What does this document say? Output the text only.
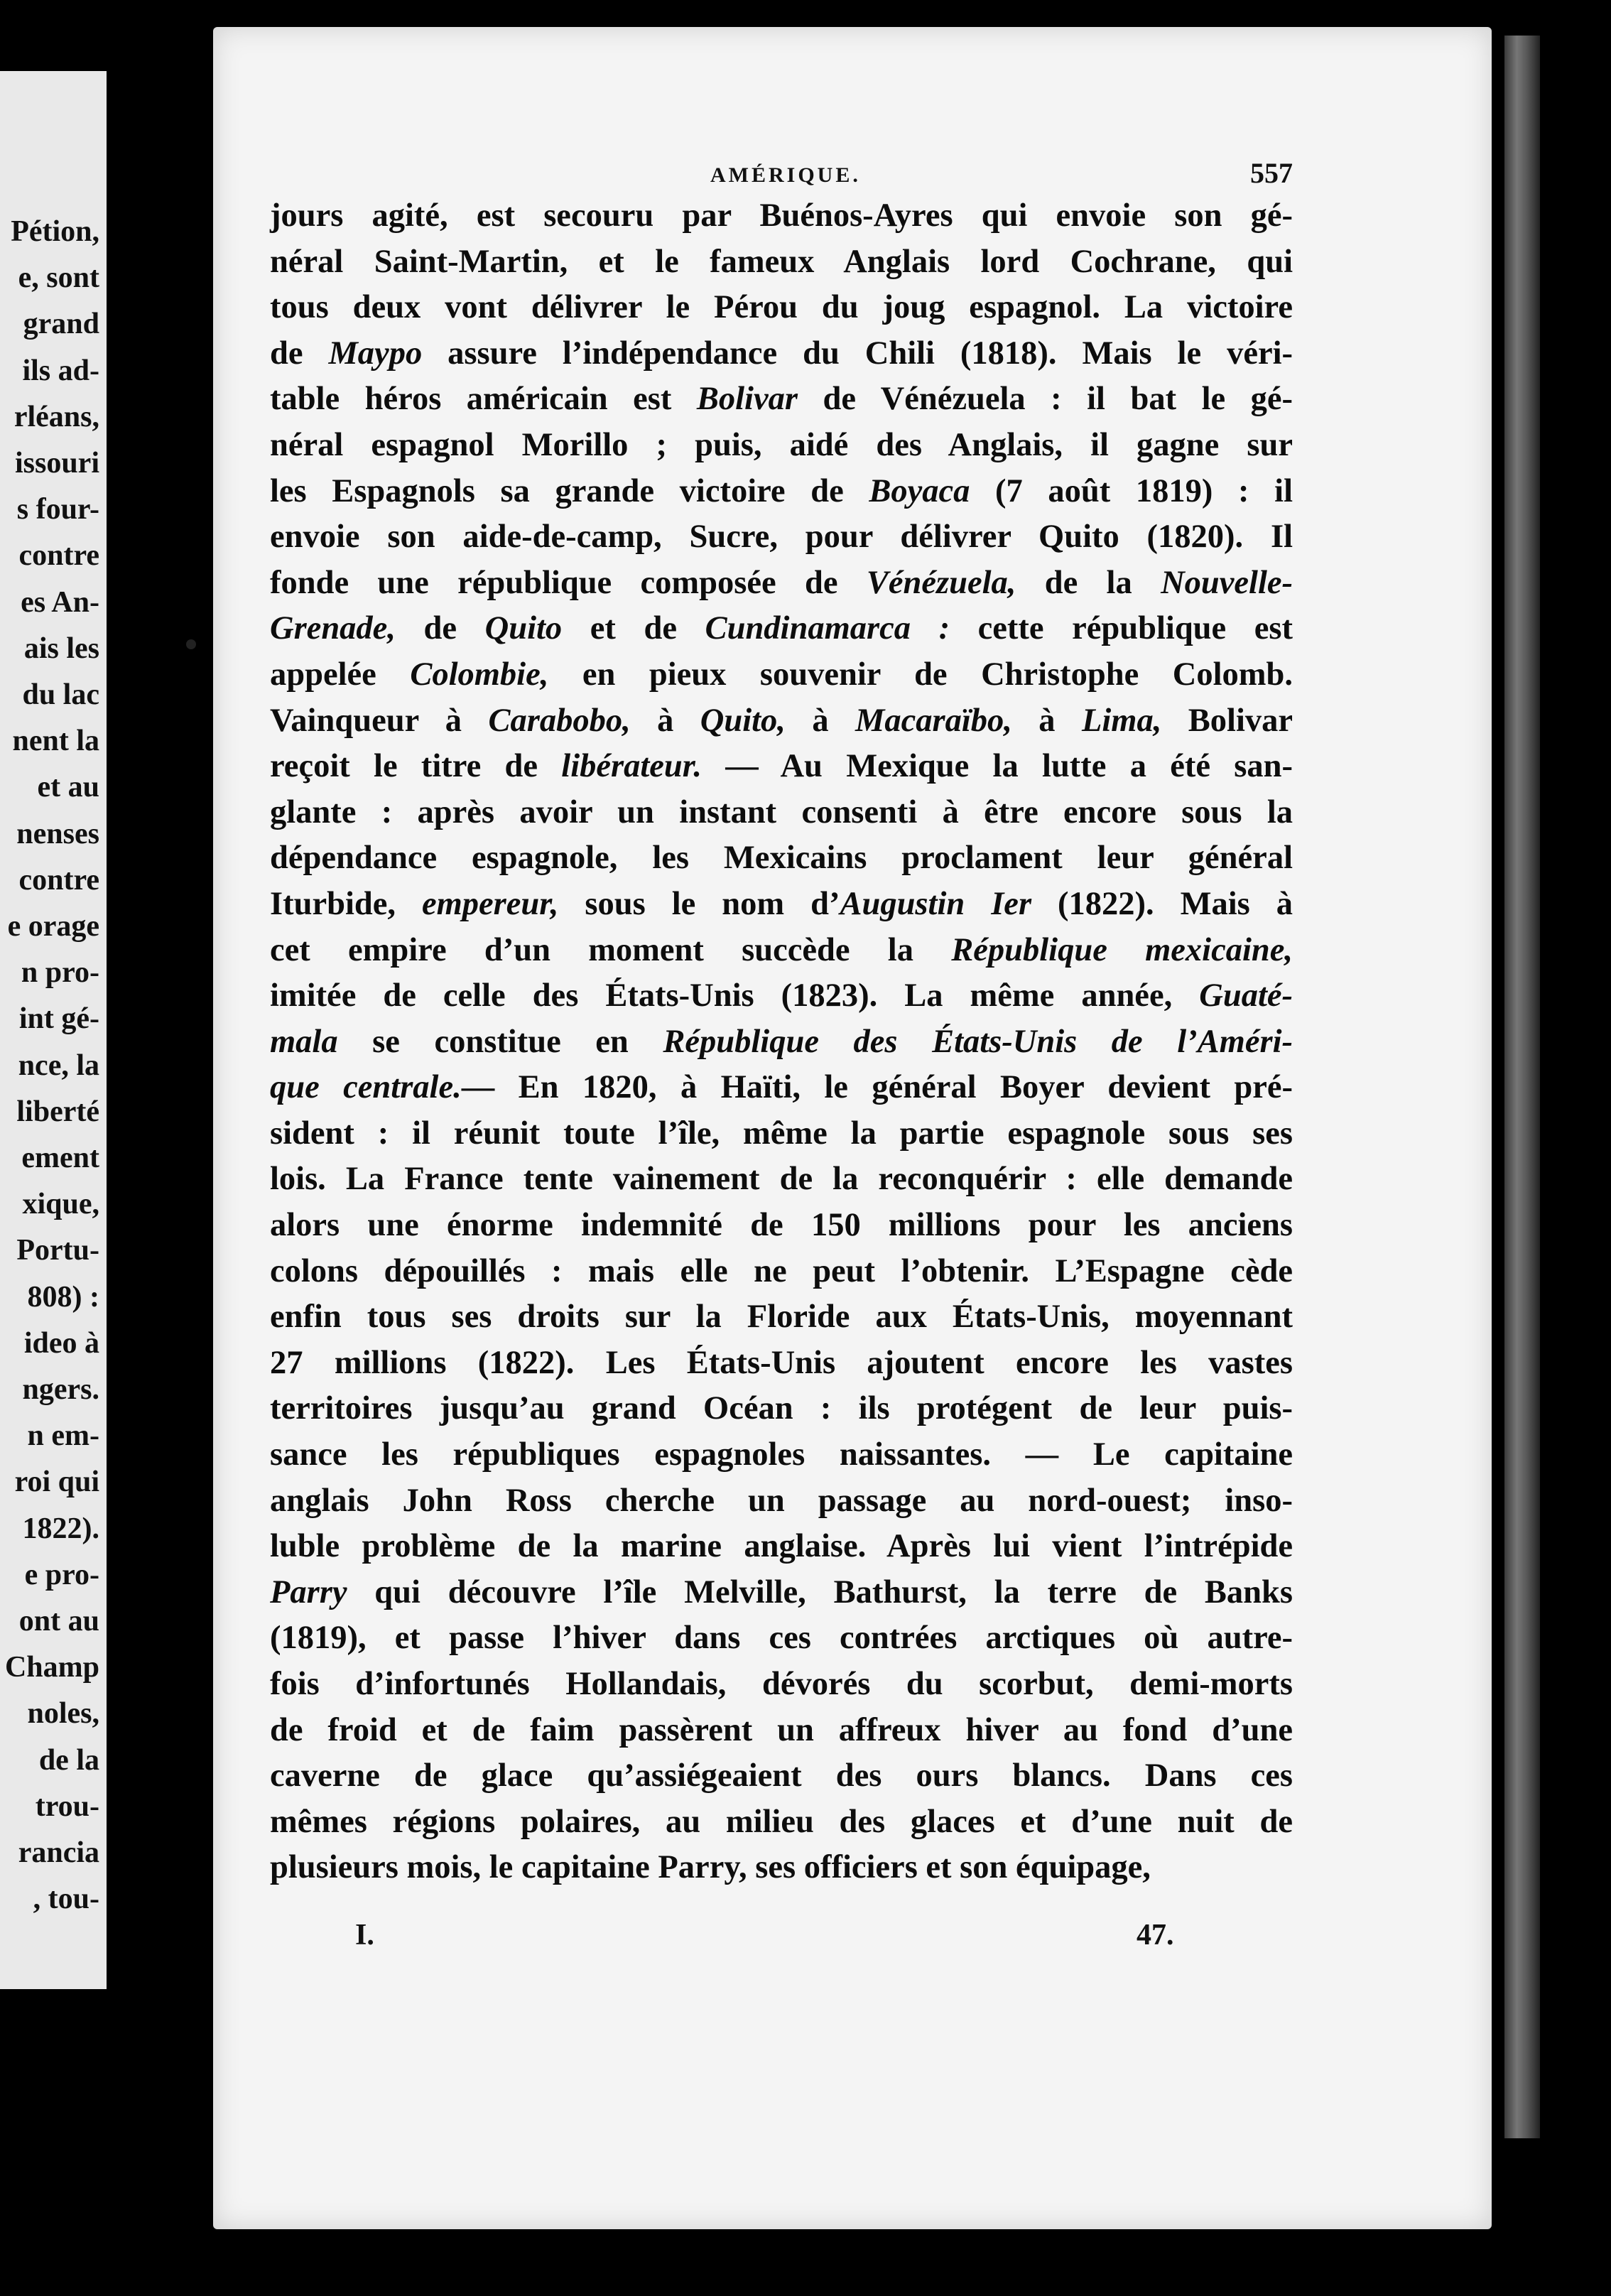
Pétion,
e, sont
grand
ils ad-
rléans,
issouri
s four-
contre
es An-
ais les
du lac
nent la
et au
nenses
contre
e orage
n pro-
int gé-
nce, la
liberté
ement
xique,
Portu-
808) :
ideo à
ngers.
n em-
roi qui
1822).
e pro-
ont au
Champ
noles,
de la
trou-
rancia
, tou-
AMÉRIQUE.	557
jours agité, est secouru par Buénos-Ayres qui envoie son gé-
néral Saint-Martin, et le fameux Anglais lord Cochrane, qui
tous deux vont délivrer le Pérou du joug espagnol. La victoire
de Maypo assure l’indépendance du Chili (1818). Mais le véri-
table héros américain est Bolivar de Vénézuela : il bat le gé-
néral espagnol Morillo ; puis, aidé des Anglais, il gagne sur
les Espagnols sa grande victoire de Boyaca (7 août 1819) : il
envoie son aide-de-camp, Sucre, pour délivrer Quito (1820). Il
fonde une république composée de Vénézuela, de la Nouvelle-
Grenade, de Quito et de Cundinamarca : cette république est
appelée Colombie, en pieux souvenir de Christophe Colomb.
Vainqueur à Carabobo, à Quito, à Macaraïbo, à Lima, Bolivar
reçoit le titre de libérateur. — Au Mexique la lutte a été san-
glante : après avoir un instant consenti à être encore sous la
dépendance espagnole, les Mexicains proclament leur général
Iturbide, empereur, sous le nom d’Augustin Ier (1822). Mais à
cet empire d’un moment succède la République mexicaine,
imitée de celle des États-Unis (1823). La même année, Guaté-
mala se constitue en République des États-Unis de l’Améri-
que centrale.— En 1820, à Haïti, le général Boyer devient pré-
sident : il réunit toute l’île, même la partie espagnole sous ses
lois. La France tente vainement de la reconquérir : elle demande
alors une énorme indemnité de 150 millions pour les anciens
colons dépouillés : mais elle ne peut l’obtenir. L’Espagne cède
enfin tous ses droits sur la Floride aux États-Unis, moyennant
27 millions (1822). Les États-Unis ajoutent encore les vastes
territoires jusqu’au grand Océan : ils protégent de leur puis-
sance les républiques espagnoles naissantes. — Le capitaine
anglais John Ross cherche un passage au nord-ouest; inso-
luble problème de la marine anglaise. Après lui vient l’intrépide
Parry qui découvre l’île Melville, Bathurst, la terre de Banks
(1819), et passe l’hiver dans ces contrées arctiques où autre-
fois d’infortunés Hollandais, dévorés du scorbut, demi-morts
de froid et de faim passèrent un affreux hiver au fond d’une
caverne de glace qu’assiégeaient des ours blancs. Dans ces
mêmes régions polaires, au milieu des glaces et d’une nuit de
plusieurs mois, le capitaine Parry, ses officiers et son équipage,
I.	47.
